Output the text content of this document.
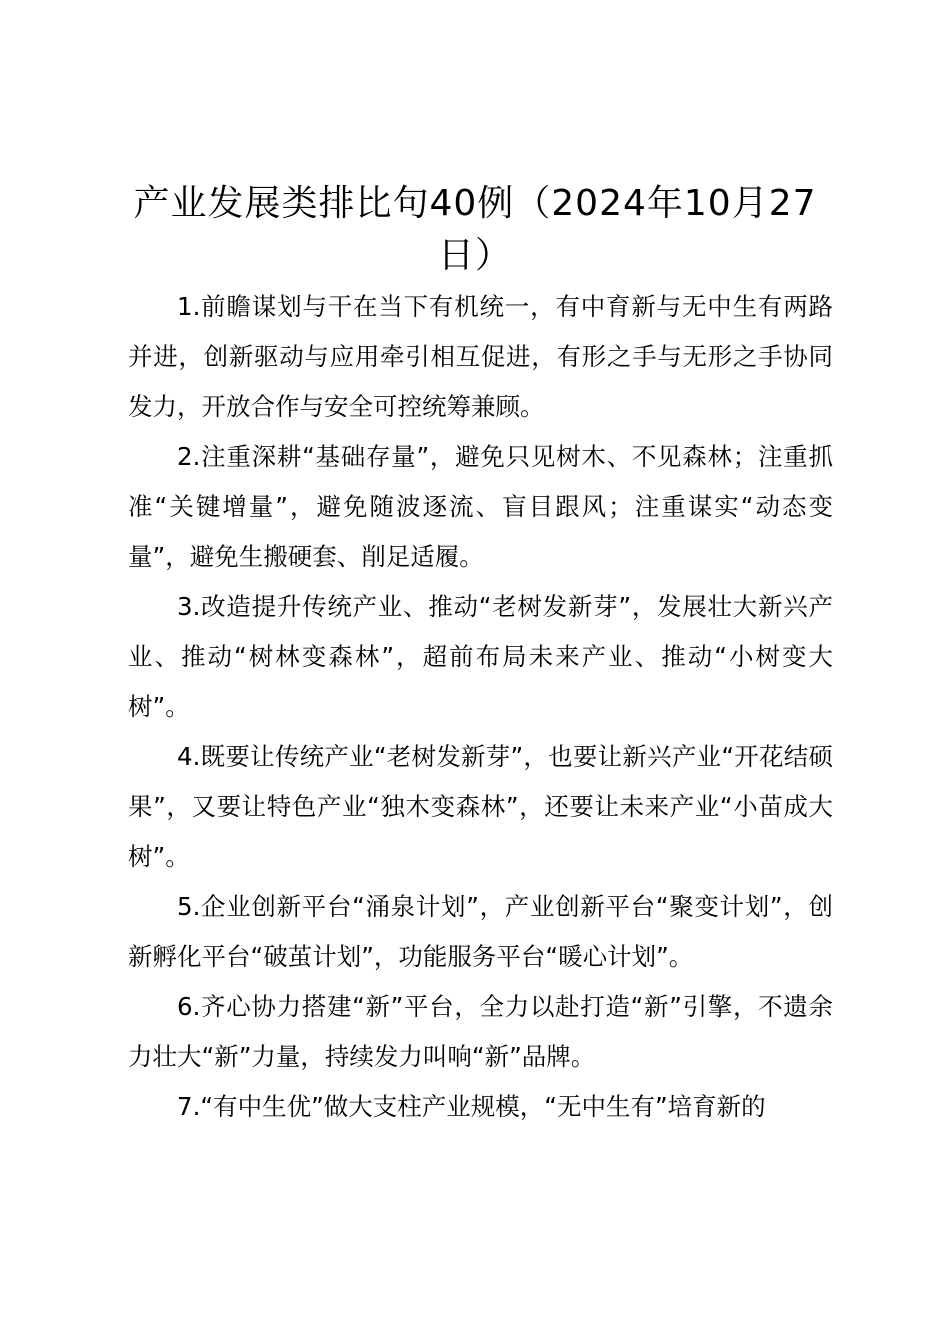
产业发展类排比句40例（2024年10月27日）

1.前瞻谋划与干在当下有机统一，有中育新与无中生有两路并进，创新驱动与应用牵引相互促进，有形之手与无形之手协同发力，开放合作与安全可控统筹兼顾。

2.注重深耕“基础存量”，避免只见树木、不见森林；注重抓准“关键增量”，避免随波逐流、盲目跟风；注重谋实“动态变量”，避免生搬硬套、削足适履。

3.改造提升传统产业、推动“老树发新芽”，发展壮大新兴产业、推动“树林变森林”，超前布局未来产业、推动“小树变大树”。

4.既要让传统产业“老树发新芽”，也要让新兴产业“开花结硕果”，又要让特色产业“独木变森林”，还要让未来产业“小苗成大树”。

5.企业创新平台“涌泉计划”，产业创新平台“聚变计划”，创新孵化平台“破茧计划”，功能服务平台“暖心计划”。

6.齐心协力搭建“新”平台，全力以赴打造“新”引擎，不遗余力壮大“新”力量，持续发力叫响“新”品牌。

7.“有中生优”做大支柱产业规模，“无中生有”培育新的
